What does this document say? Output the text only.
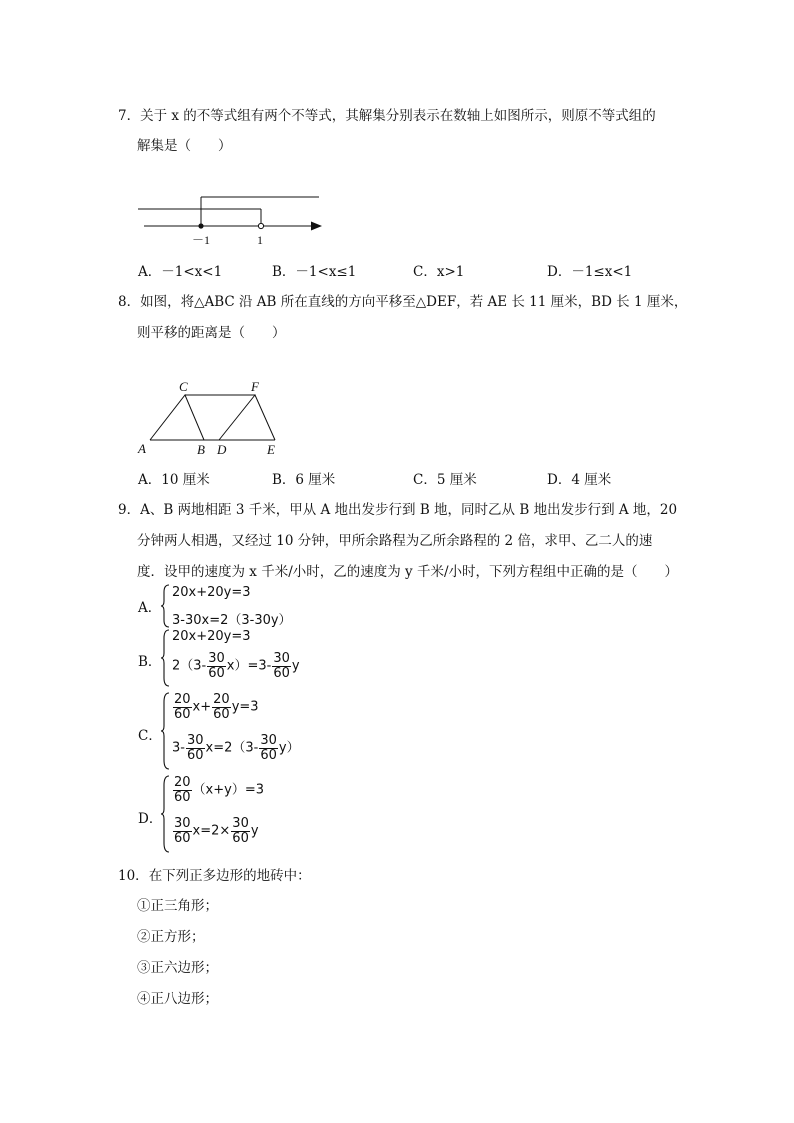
7．关于 x 的不等式组有两个不等式，其解集分别表示在数轴上如图所示，则原不等式组的
解集是（　　）
－1	1
A．－1<x<1	B．－1<x≤1	C．x>1	D．－1≤x<1
8．如图，将△ABC 沿 AB 所在直线的方向平移至△DEF，若 AE 长 11 厘米，BD 长 1 厘米，
则平移的距离是（　　）
C	F
A	B D	E
A．10 厘米	B．6 厘米	C．5 厘米	D．4 厘米
9．A、B 两地相距 3 千米，甲从 A 地出发步行到 B 地，同时乙从 B 地出发步行到 A 地，20
分钟两人相遇，又经过 10 分钟，甲所余路程为乙所余路程的 2 倍，求甲、乙二人的速
度．设甲的速度为 x 千米/小时，乙的速度为 y 千米/小时，下列方程组中正确的是（　　）
A．
20x+20y=3
3-30x=2（3-30y）
B．
20x+20y=3
$2(3- \frac{30}{60} x)=3- \frac{30}{60}$ y
C．
$\frac{20}{60} x+ \frac{20}{60} y=3$
$3- \frac{30}{60} x=2(3- \frac{30}{60} y)$
D．
$\frac{20}{60} (x+y)=3$
$\frac{30}{60} x=2\times \frac{30}{60}$ y
10．在下列正多边形的地砖中：
①正三角形；
②正方形；
③正六边形；
④正八边形；
